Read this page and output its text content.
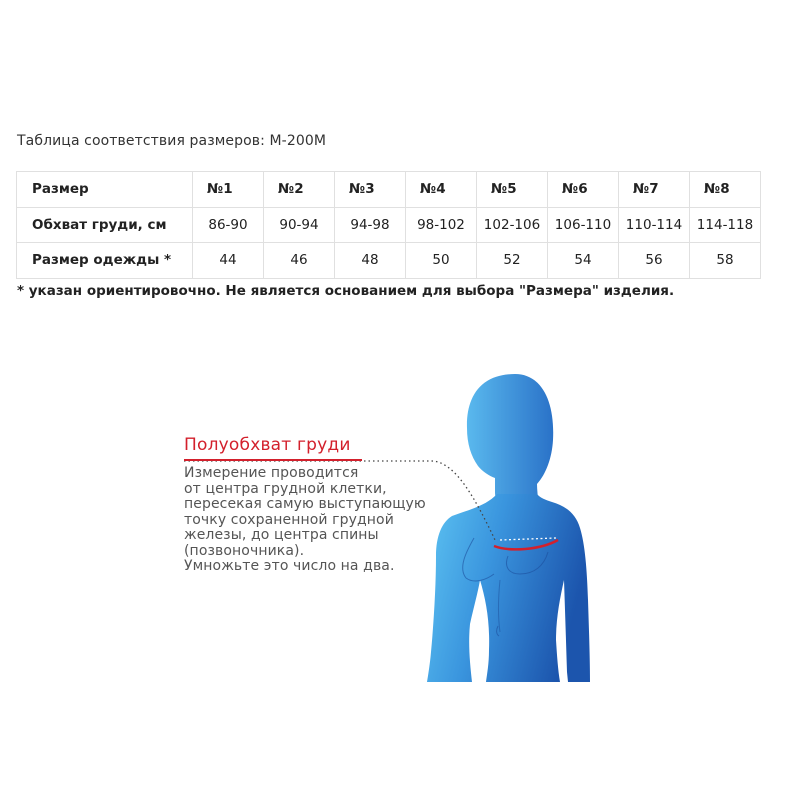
Таблица соответствия размеров: М-200М
Размер	№1	№2	№3	№4	№5	№6	№7	№8
Обхват груди, см	86-90	90-94	94-98	98-102	102-106	106-110	110-114	114-118
Размер одежды *	44	46	48	50	52	54	56	58
* указан ориентировочно. Не является основанием для выбора "Размера" изделия.
Полуобхват груди
Измерение проводится
от центра грудной клетки,
пересекая самую выступающую
точку сохраненной грудной
железы, до центра спины
(позвоночника).
Умножьте это число на два.
